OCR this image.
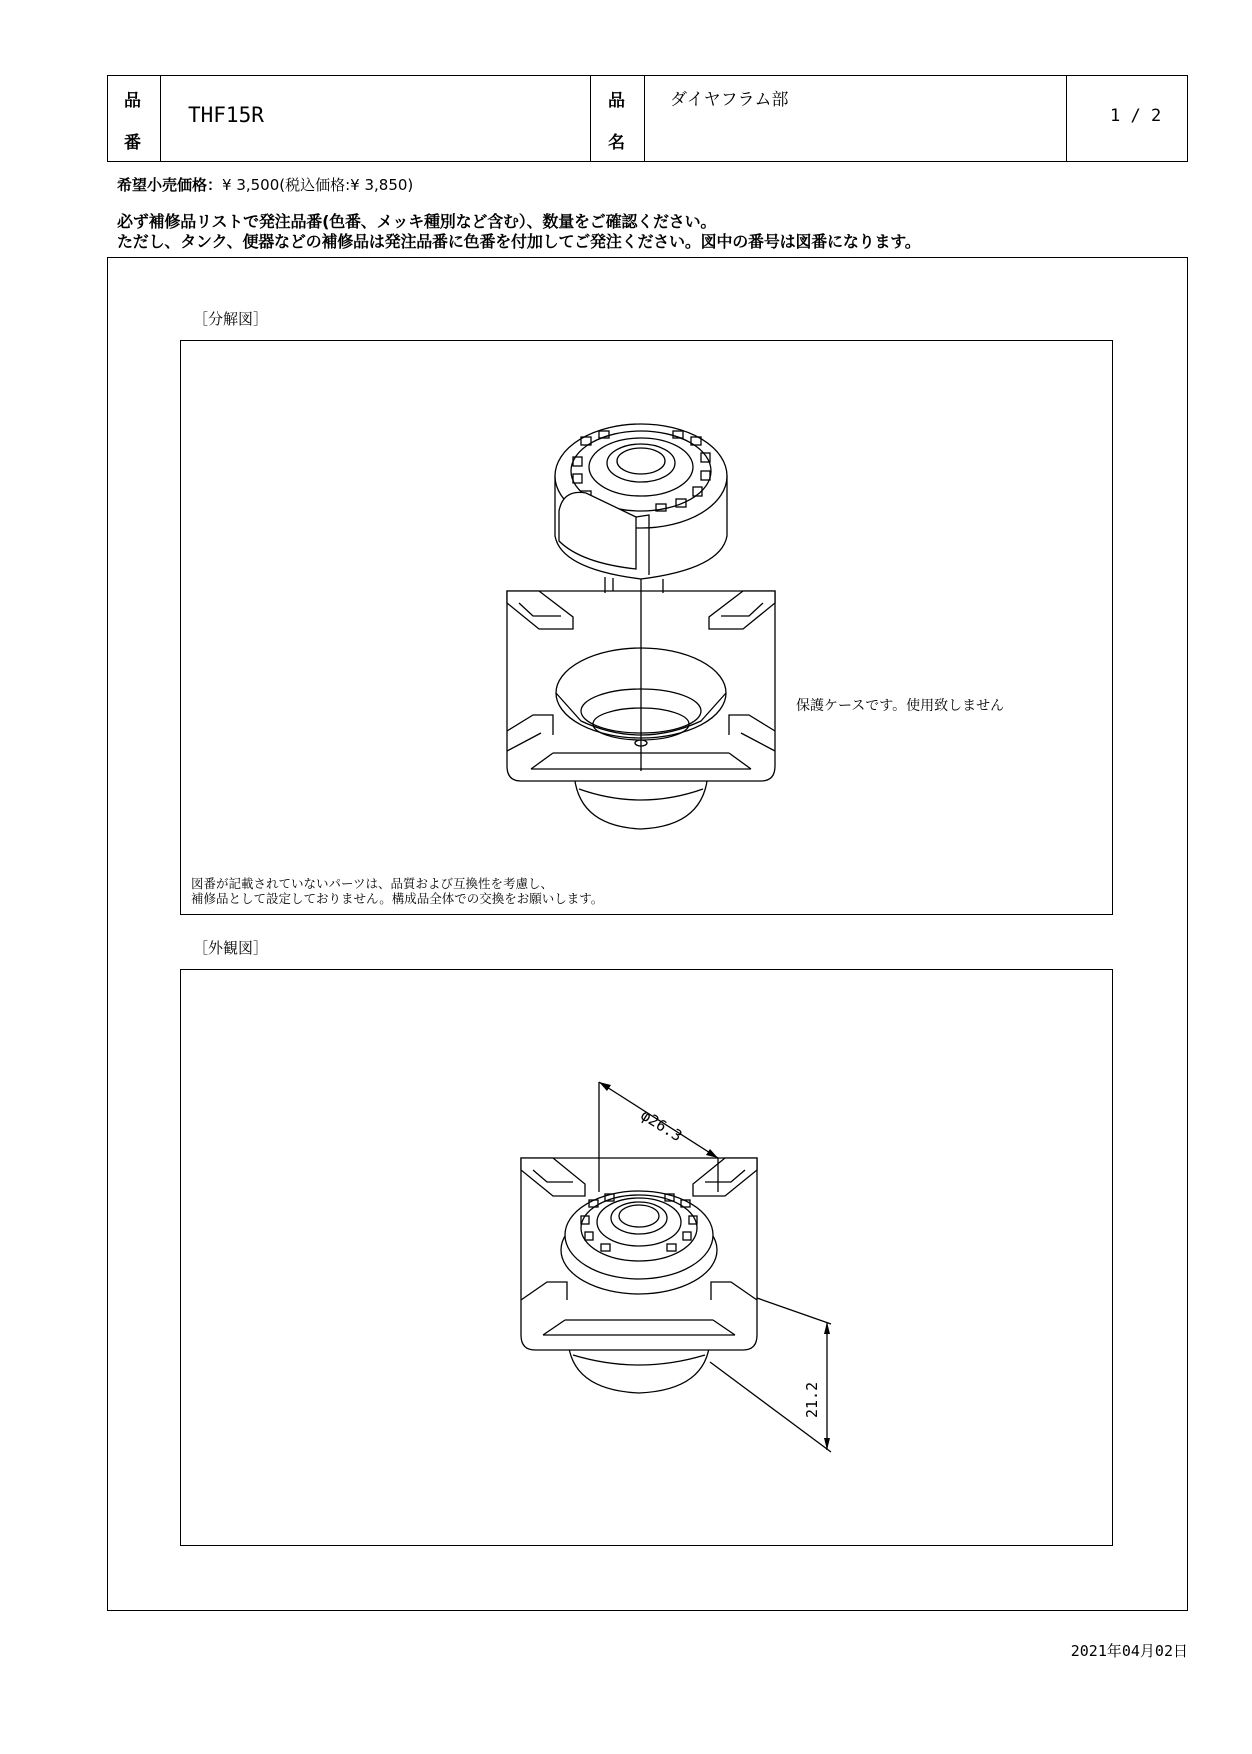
品
番
THF15R
品
名
ダイヤフラム部
1 / 2
希望小売価格：¥ 3,500(税込価格:¥ 3,850)
必ず補修品リストで発注品番(色番、メッキ種別など含む）、数量をご確認ください。
ただし、タンク、便器などの補修品は発注品番に色番を付加してご発注ください。図中の番号は図番になります。
［分解図］
保護ケースです。使用致しません
図番が記載されていないパーツは、品質および互換性を考慮し、
補修品として設定しておりません。構成品全体での交換をお願いします。
［外観図］
φ26.3
21.2
2021年04月02日
